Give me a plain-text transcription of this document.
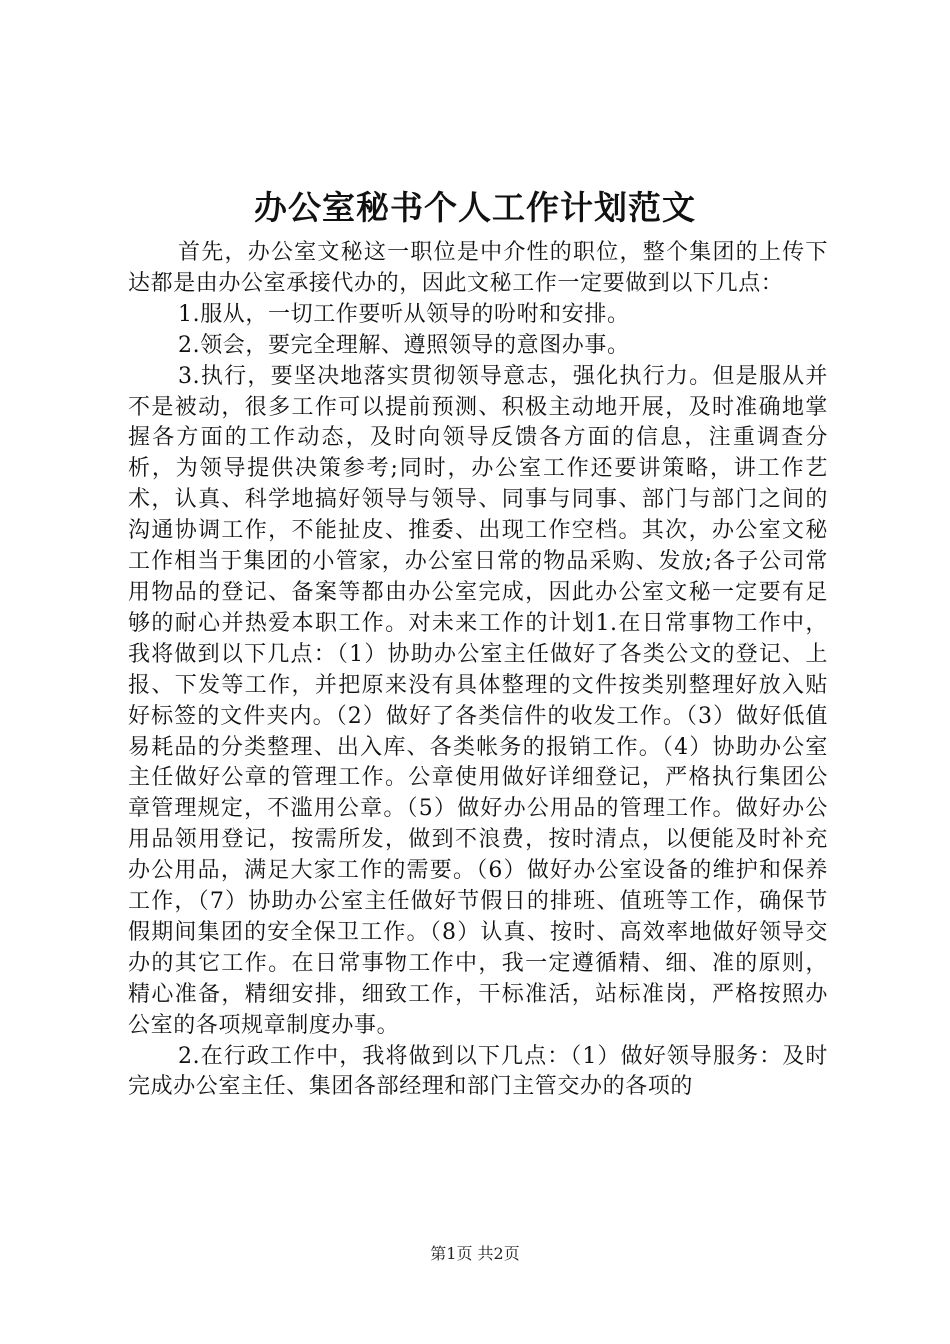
办公室秘书个人工作计划范文

首先，办公室文秘这一职位是中介性的职位，整个集团的上传下达都是由办公室承接代办的，因此文秘工作一定要做到以下几点：

1.服从，一切工作要听从领导的吩咐和安排。

2.领会，要完全理解、遵照领导的意图办事。

3.执行，要坚决地落实贯彻领导意志，强化执行力。但是服从并不是被动，很多工作可以提前预测、积极主动地开展，及时准确地掌握各方面的工作动态，及时向领导反馈各方面的信息，注重调查分析，为领导提供决策参考;同时，办公室工作还要讲策略，讲工作艺术，认真、科学地搞好领导与领导、同事与同事、部门与部门之间的沟通协调工作，不能扯皮、推委、出现工作空档。其次，办公室文秘工作相当于集团的小管家，办公室日常的物品采购、发放;各子公司常用物品的登记、备案等都由办公室完成，因此办公室文秘一定要有足够的耐心并热爱本职工作。对未来工作的计划1.在日常事物工作中，我将做到以下几点：（1）协助办公室主任做好了各类公文的登记、上报、下发等工作，并把原来没有具体整理的文件按类别整理好放入贴好标签的文件夹内。（2）做好了各类信件的收发工作。（3）做好低值易耗品的分类整理、出入库、各类帐务的报销工作。（4）协助办公室主任做好公章的管理工作。公章使用做好详细登记，严格执行集团公章管理规定，不滥用公章。（5）做好办公用品的管理工作。做好办公用品领用登记，按需所发，做到不浪费，按时清点，以便能及时补充办公用品，满足大家工作的需要。（6）做好办公室设备的维护和保养工作，（7）协助办公室主任做好节假日的排班、值班等工作，确保节假期间集团的安全保卫工作。（8）认真、按时、高效率地做好领导交办的其它工作。在日常事物工作中，我一定遵循精、细、准的原则，精心准备，精细安排，细致工作，干标准活，站标准岗，严格按照办公室的各项规章制度办事。

2.在行政工作中，我将做到以下几点：（1）做好领导服务：及时完成办公室主任、集团各部经理和部门主管交办的各项的

第1页 共2页
